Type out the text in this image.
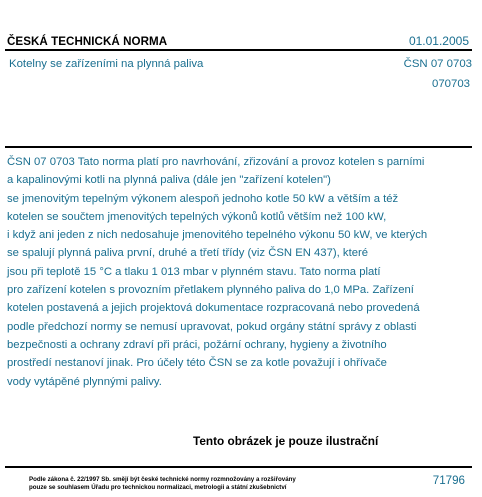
ČESKÁ TECHNICKÁ NORMA	01.01.2005
Kotelny se zařízeními na plynná paliva	ČSN 07 0703
070703
ČSN 07 0703 Tato norma platí pro navrhování, zřizování a provoz kotelen s parními
a kapalinovými kotli na plynná paliva (dále jen "zařízení kotelen")
se jmenovitým tepelným výkonem alespoň jednoho kotle 50 kW a větším a též
kotelen se součtem jmenovitých tepelných výkonů kotlů větším než 100 kW,
i když ani jeden z nich nedosahuje jmenovitého tepelného výkonu 50 kW, ve kterých
se spalují plynná paliva první, druhé a třetí třídy (viz ČSN EN 437), které
jsou při teplotě 15 °C a tlaku 1 013 mbar v plynném stavu. Tato norma platí
pro zařízení kotelen s provozním přetlakem plynného paliva do 1,0 MPa. Zařízení
kotelen postavená a jejich projektová dokumentace rozpracovaná nebo provedená
podle předchozí normy se nemusí upravovat, pokud orgány státní správy z oblasti
bezpečnosti a ochrany zdraví při práci, požární ochrany, hygieny a životního
prostředí nestanoví jinak. Pro účely této ČSN se za kotle považují i ohřívače
vody vytápěné plynnými palivy.
Tento obrázek je pouze ilustrační
Podle zákona č. 22/1997 Sb. smějí být české technické normy rozmnožovány a rozšiřovány
pouze se souhlasem Úřadu pro technickou normalizaci, metrologii a státní zkušebnictví
71796
